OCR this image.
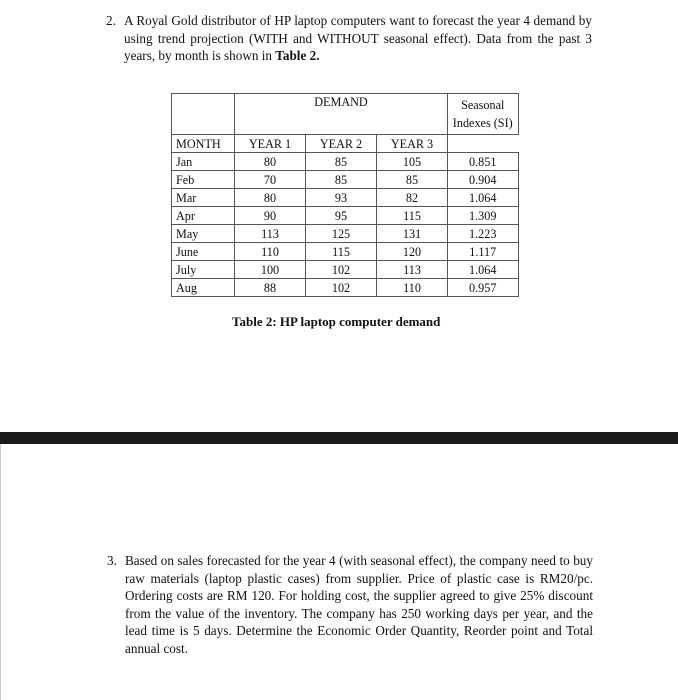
2. A Royal Gold distributor of HP laptop computers want to forecast the year 4 demand by using trend projection (WITH and WITHOUT seasonal effect). Data from the past 3 years, by month is shown in Table 2.
	DEMAND			Seasonal Indexes (SI)
MONTH	YEAR 1	YEAR 2	YEAR 3	
Jan	80	85	105	0.851
Feb	70	85	85	0.904
Mar	80	93	82	1.064
Apr	90	95	115	1.309
May	113	125	131	1.223
June	110	115	120	1.117
July	100	102	113	1.064
Aug	88	102	110	0.957
Table 2: HP laptop computer demand
3. Based on sales forecasted for the year 4 (with seasonal effect), the company need to buy raw materials (laptop plastic cases) from supplier. Price of plastic case is RM20/pc. Ordering costs are RM 120. For holding cost, the supplier agreed to give 25% discount from the value of the inventory. The company has 250 working days per year, and the lead time is 5 days. Determine the Economic Order Quantity, Reorder point and Total annual cost.
